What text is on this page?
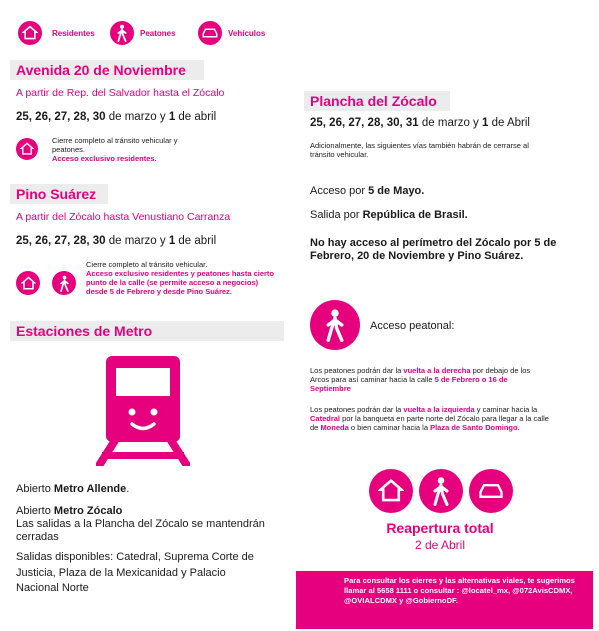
Residentes	Peatones	Vehículos
Avenida 20 de Noviembre
A partir de Rep. del Salvador hasta el Zócalo
25, 26, 27, 28, 30 de marzo y 1 de abril
Cierre completo al tránsito vehicular y peatones.
Acceso exclusivo residentes.
Pino Suárez
A partir del Zócalo hasta Venustiano Carranza
25, 26, 27, 28, 30 de marzo y 1 de abril
Cierre completo al tránsito vehicular.
Acceso exclusivo residentes y peatones hasta cierto punto de la calle (se permite acceso a negocios) desde 5 de Febrero y desde Pino Suárez.
Estaciones de Metro
Abierto Metro Allende.
Abierto Metro Zócalo
Las salidas a la Plancha del Zócalo se mantendrán cerradas
Salidas disponibles: Catedral, Suprema Corte de Justicia, Plaza de la Mexicanidad y Palacio Nacional Norte
Plancha del Zócalo
25, 26, 27, 28, 30, 31 de marzo y 1 de Abril
Adicionalmente, las siguientes vías también habrán de cerrarse al tránsito vehicular.
Acceso por 5 de Mayo.
Salida por República de Brasil.
No hay acceso al perímetro del Zócalo por 5 de Febrero, 20 de Noviembre y Pino Suárez.
Acceso peatonal:
Los peatones podrán dar la vuelta a la derecha por debajo de los Arcos para así caminar hacia la calle 5 de Febrero o 16 de Septiembre
Los peatones podrán dar la vuelta a la izquierda y caminar hacia la Catedral por la banqueta en parte norte del Zócalo para llegar a la calle de Moneda o bien caminar hacia la Plaza de Santo Domingo.
Reapertura total
2 de Abril
Para consultar los cierres y las alternativas viales, te sugerimos llamar al 5658 1111 o consultar : @locatel_mx, @072AvisCDMX, @OVIALCDMX y @GobiernoDF.
